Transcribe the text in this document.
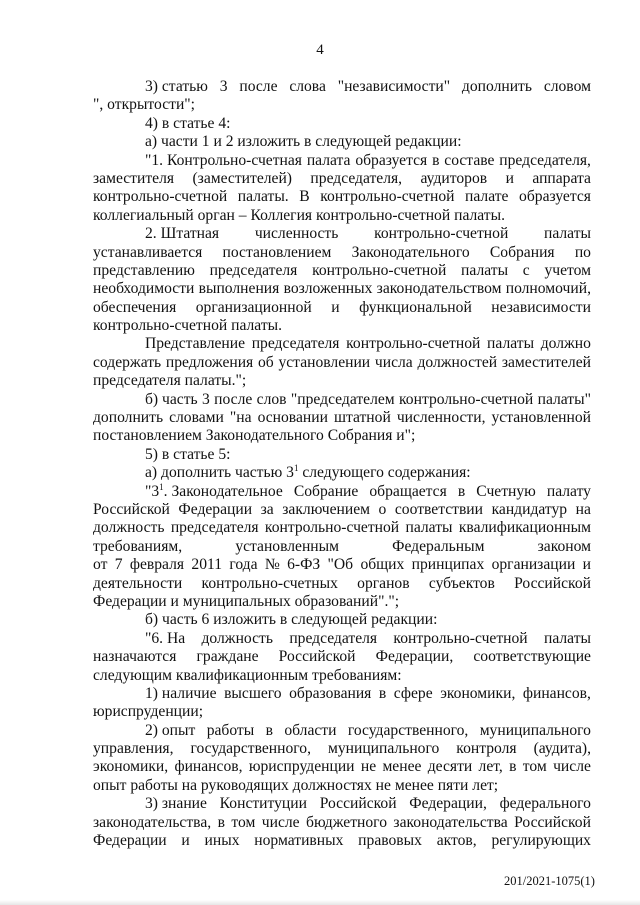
4
3) статью 3 после слова "независимости" дополнить словом
", открытости";
4) в статье 4:
а) части 1 и 2 изложить в следующей редакции:
"1. Контрольно-счетная палата образуется в составе председателя,
заместителя (заместителей) председателя, аудиторов и аппарата
контрольно-счетной палаты. В контрольно-счетной палате образуется
коллегиальный орган – Коллегия контрольно-счетной палаты.
2. Штатная численность контрольно-счетной палаты
устанавливается постановлением Законодательного Собрания по
представлению председателя контрольно-счетной палаты с учетом
необходимости выполнения возложенных законодательством полномочий,
обеспечения организационной и функциональной независимости
контрольно-счетной палаты.
Представление председателя контрольно-счетной палаты должно
содержать предложения об установлении числа должностей заместителей
председателя палаты.";
б) часть 3 после слов "председателем контрольно-счетной палаты"
дополнить словами "на основании штатной численности, установленной
постановлением Законодательного Собрания и";
5) в статье 5:
а) дополнить частью $3^1$ следующего содержания:
"$3^1$. Законодательное Собрание обращается в Счетную палату
Российской Федерации за заключением о соответствии кандидатур на
должность председателя контрольно-счетной палаты квалификационным
требованиям,	установленным	Федеральным	законом
от 7 февраля 2011 года № 6-ФЗ "Об общих принципах организации и
деятельности контрольно-счетных органов субъектов Российской
Федерации и муниципальных образований".";
б) часть 6 изложить в следующей редакции:
"6. На должность председателя контрольно-счетной палаты
назначаются граждане Российской Федерации, соответствующие
следующим квалификационным требованиям:
1) наличие высшего образования в сфере экономики, финансов,
юриспруденции;
2) опыт работы в области государственного, муниципального
управления, государственного, муниципального контроля (аудита),
экономики, финансов, юриспруденции не менее десяти лет, в том числе
опыт работы на руководящих должностях не менее пяти лет;
3) знание Конституции Российской Федерации, федерального
законодательства, в том числе бюджетного законодательства Российской
Федерации и иных нормативных правовых актов, регулирующих
201/2021-1075(1)
